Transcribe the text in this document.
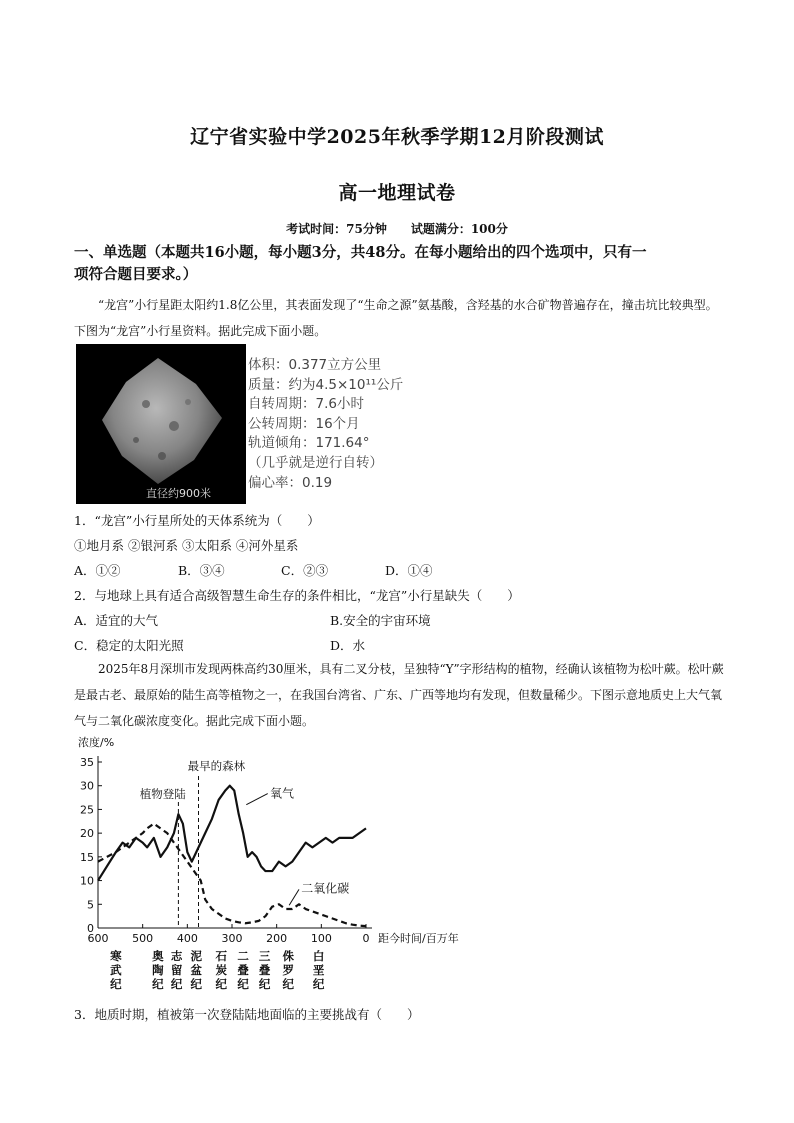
辽宁省实验中学2025年秋季学期12月阶段测试
高一地理试卷
考试时间：75分钟　　试题满分：100分
一、单选题（本题共16小题，每小题3分，共48分。在每小题给出的四个选项中，只有一
项符合题目要求。）
“龙宫”小行星距太阳约1.8亿公里，其表面发现了“生命之源”氨基酸，含羟基的水合矿物普遍存在，撞击坑比较典型。下图为“龙宫”小行星资料。据此完成下面小题。
直径约900米
体积：0.377立方公里
质量：约为4.5×10¹¹公斤
自转周期：7.6小时
公转周期：16个月
轨道倾角：171.64°
（几乎就是逆行自转）
偏心率：0.19
1．“龙宫”小行星所处的天体系统为（　　）
①地月系 ②银河系 ③太阳系 ④河外星系
A．①②	B．③④	C．②③	D．①④
2．与地球上具有适合高级智慧生命生存的条件相比，“龙宫”小行星缺失（　　）
A．适宜的大气	B.安全的宇宙环境
C．稳定的太阳光照	D．水
2025年8月深圳市发现两株高约30厘米，具有二叉分枝，呈独特“Y”字形结构的植物，经确认该植物为松叶蕨。松叶蕨是最古老、最原始的陆生高等植物之一，在我国台湾省、广东、广西等地均有发现，但数量稀少。下图示意地质史上大气氧气与二氧化碳浓度变化。据此完成下面小题。
浓度/%
0
5
10
15
20
25
30
35
600 500 400 300 200 100	0 距今时间/百万年
植物登陆
最早的森林
氧气
二氧化碳
寒
武
纪
奥
陶
纪
志
留
纪
泥
盆
纪
石
炭
纪
二
叠
纪
三
叠
纪
侏
罗
纪
白
垩
纪
3．地质时期，植被第一次登陆陆地面临的主要挑战有（　　）
